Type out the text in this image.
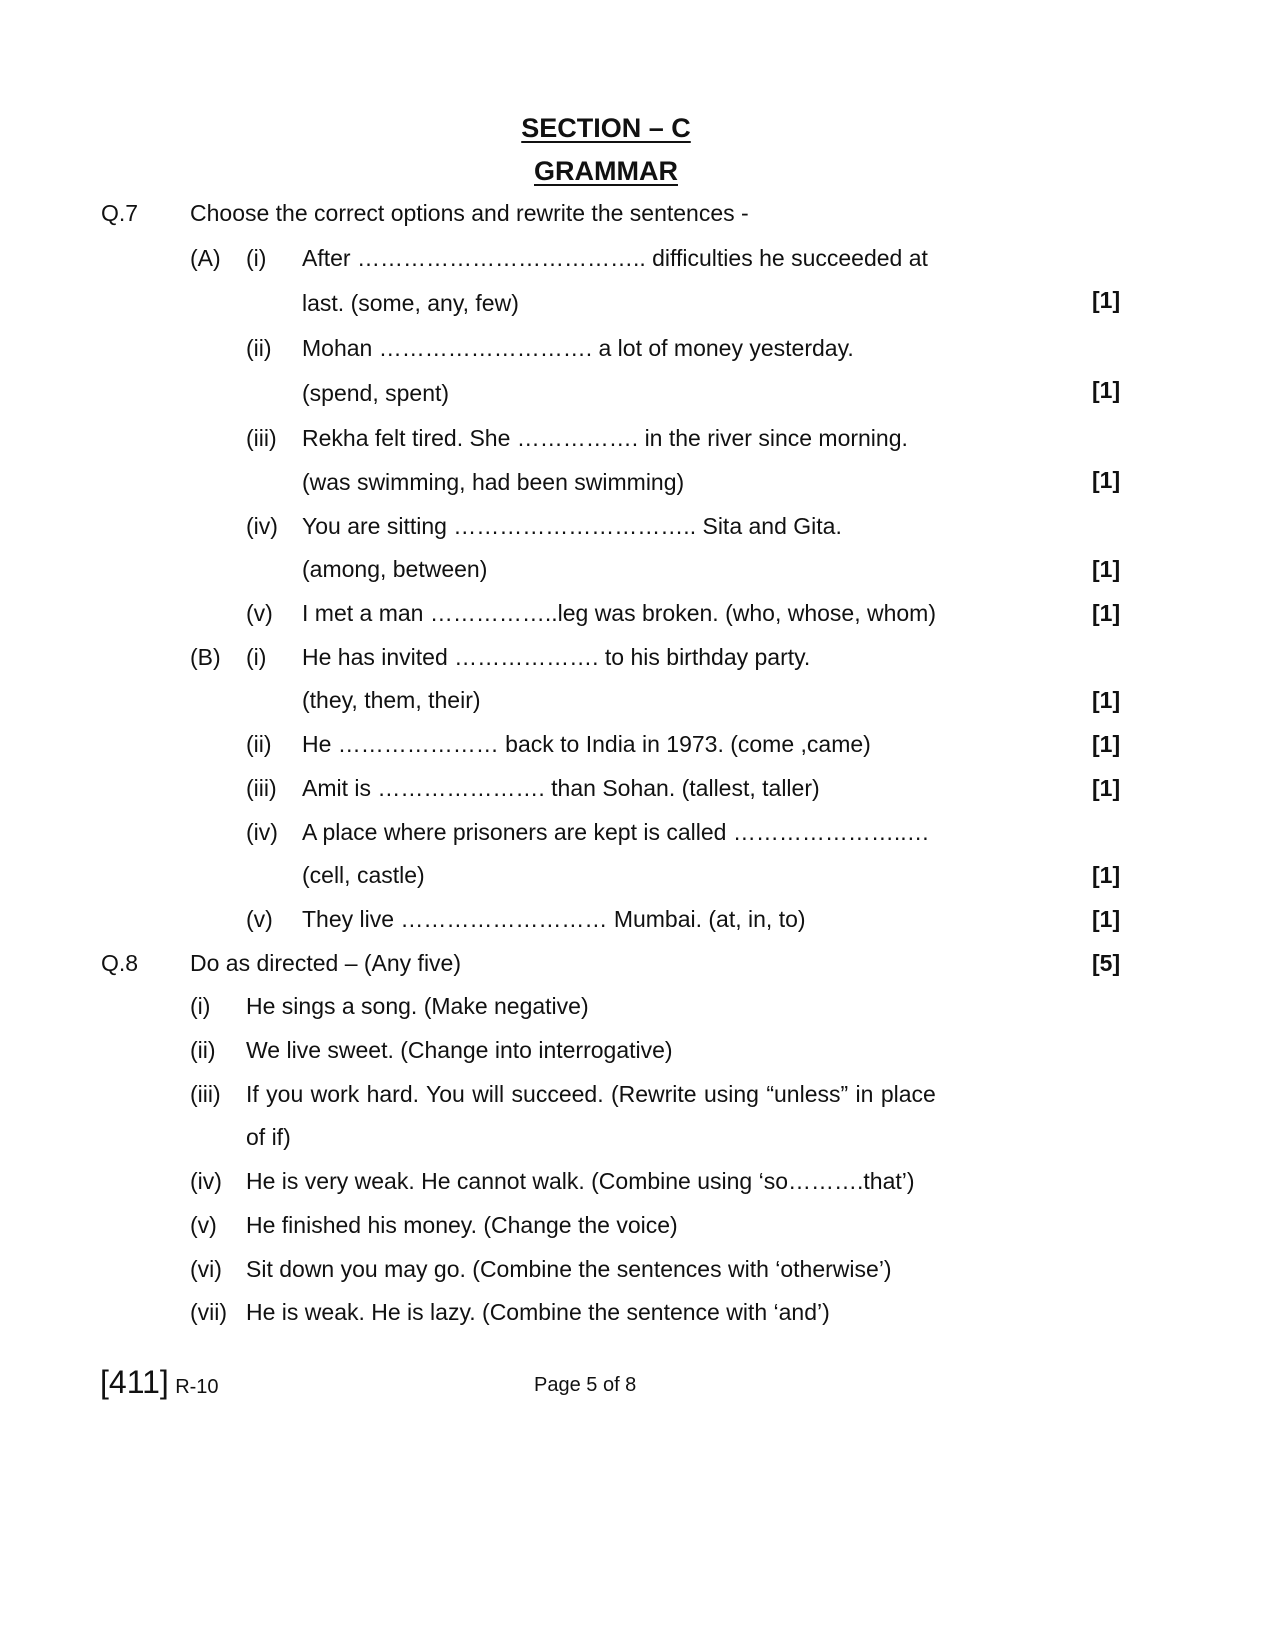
SECTION – C
GRAMMAR
Q.7 Choose the correct options and rewrite the sentences -
(A) (i) After ……………………………….. difficulties he succeeded at
last. (some, any, few)	[1]
(ii) Mohan ………………………. a lot of money yesterday.
(spend, spent)	[1]
(iii) Rekha felt tired. She ……………. in the river since morning.
(was swimming, had been swimming)	[1]
(iv) You are sitting ………………………….. Sita and Gita.
(among, between)	[1]
(v) I met a man ……………..leg was broken. (who, whose, whom)	[1]
(B) (i) He has invited ………………. to his birthday party.
(they, them, their)	[1]
(ii) He ………………… back to India in 1973. (come ,came)	[1]
(iii) Amit is …………………. than Sohan. (tallest, taller)	[1]
(iv) A place where prisoners are kept is called …………………..…
(cell, castle)	[1]
(v) They live ……………………… Mumbai. (at, in, to)	[1]
Q.8 Do as directed – (Any five)	[5]
(i) He sings a song. (Make negative)
(ii) We live sweet. (Change into interrogative)
(iii) If you work hard. You will succeed. (Rewrite using “unless” in place
of if)
(iv) He is very weak. He cannot walk. (Combine using ‘so……….that’)
(v) He finished his money. (Change the voice)
(vi) Sit down you may go. (Combine the sentences with ‘otherwise’)
(vii) He is weak. He is lazy. (Combine the sentence with ‘and’)
[411] R-10	Page 5 of 8
